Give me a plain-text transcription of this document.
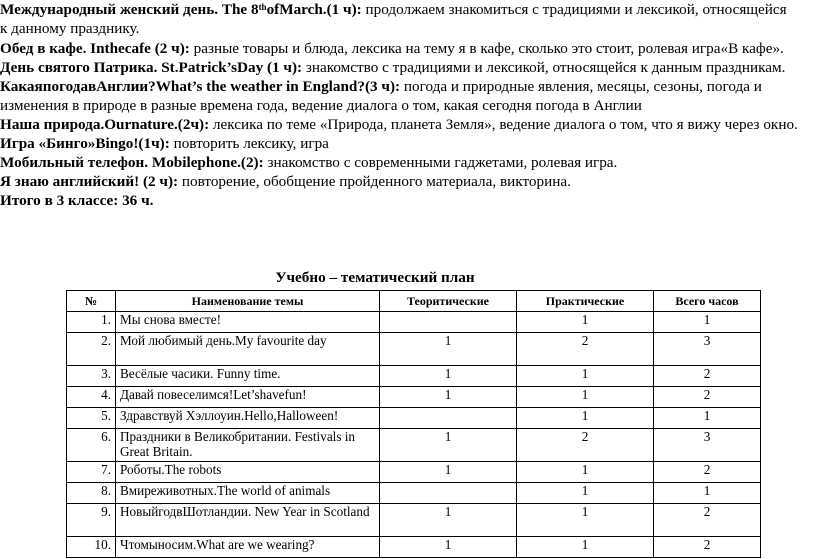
Международный женский день. The 8thofMarch.(1 ч): продолжаем знакомиться с традициями и лексикой, относящейся
к данному празднику.
Обед в кафе. Inthecafe (2 ч): разные товары и блюда, лексика на тему я в кафе, сколько это стоит, ролевая игра«В кафе».
День святого Патрика. St.Patrick’sDay (1 ч): знакомство с традициями и лексикой, относящейся к данным праздникам.
КакаяпогодавАнглии?What’s the weather in England?(3 ч): погода и природные явления, месяцы, сезоны, погода и
изменения в природе в разные времена года, ведение диалога о том, какая сегодня погода в Англии
Наша природа.Ournature.(2ч): лексика по теме «Природа, планета Земля», ведение диалога о том, что я вижу через окно.
Игра «Бинго»Bingo!(1ч): повторить лексику, игра
Мобильный телефон. Mobilephone.(2): знакомство с современными гаджетами, ролевая игра.
Я знаю английский! (2 ч): повторение, обобщение пройденного материала, викторина.
Итого в 3 классе: 36 ч.
Учебно – тематический план
№	Наименование темы	Теоритические	Практические	Всего часов
1.	Мы снова вместе!		1	1
2.	Мой любимый день.My favourite day	1	2	3
3.	Весёлые часики. Funny time.	1	1	2
4.	Давай повеселимся!Let’shavefun!	1	1	2
5.	Здравствуй Хэллоуин.Hello,Halloween!		1	1
6.	Праздники в Великобритании. Festivals in Great Britain.	1	2	3
7.	Роботы.The robots	1	1	2
8.	Вмирeживотных.The world of animals		1	1
9.	НовыйгодвШотландии. New Year in Scotland	1	1	2
10.	Чтомыносим.What are we wearing?	1	1	2
